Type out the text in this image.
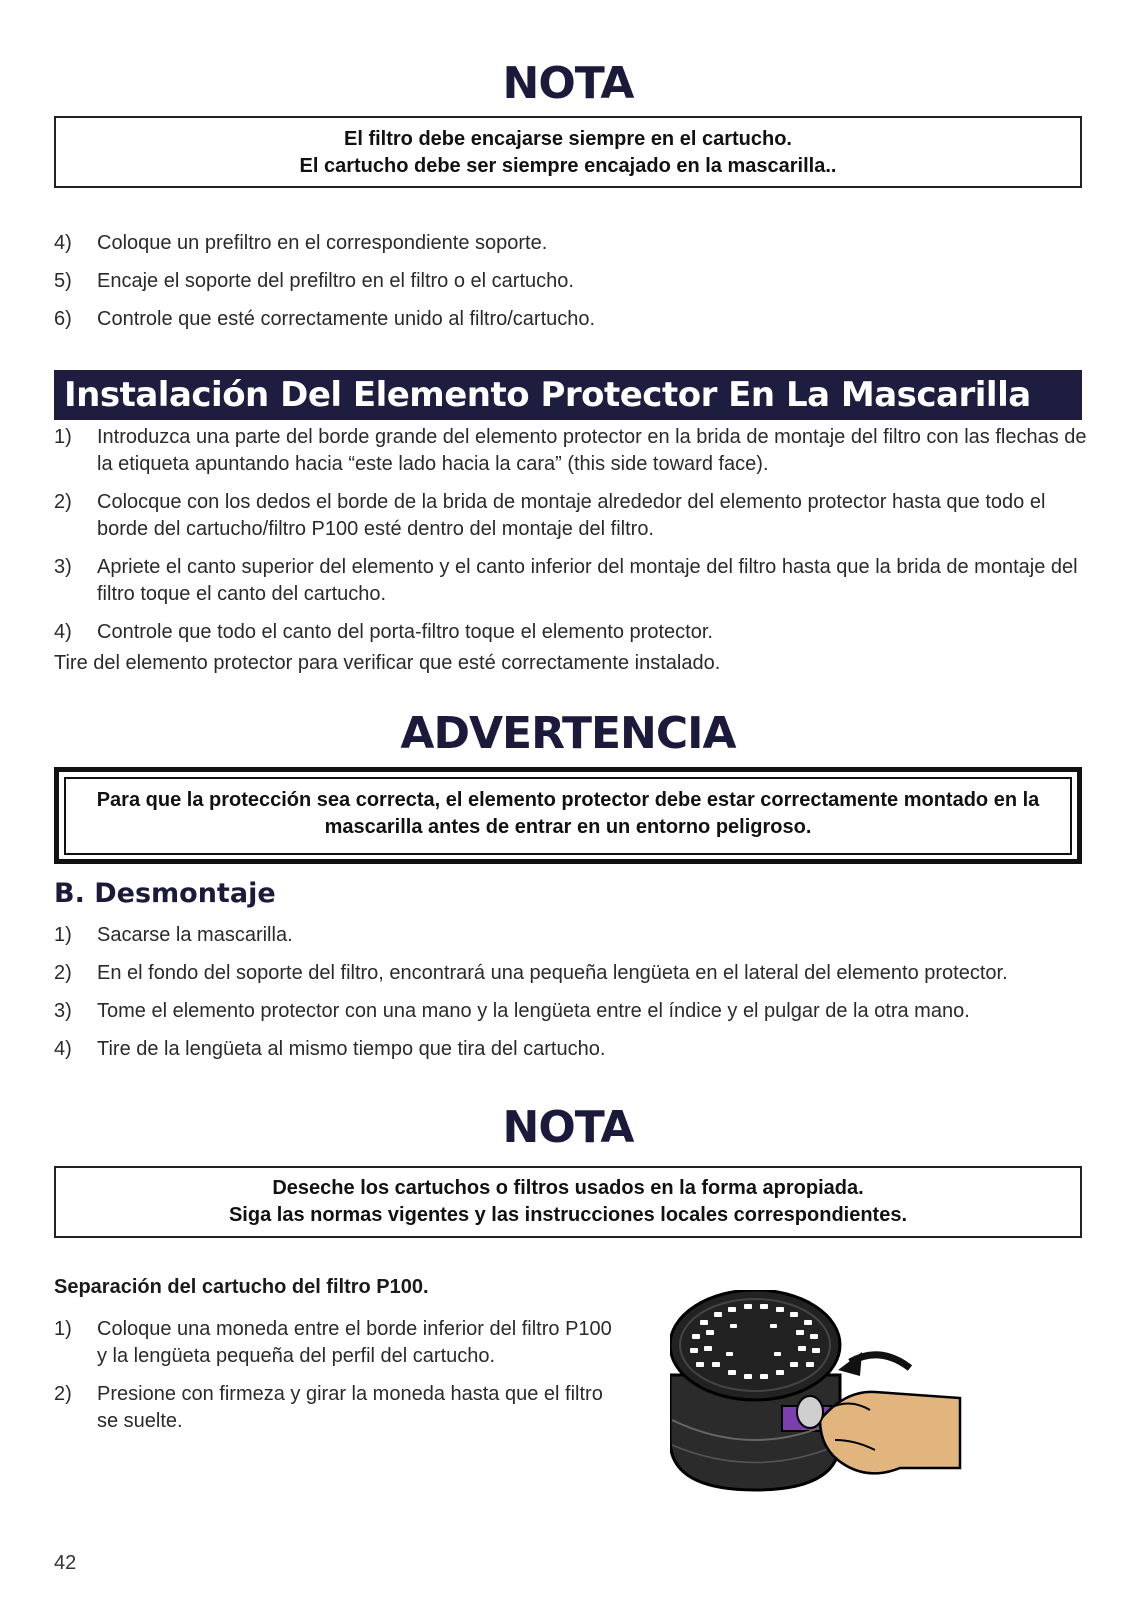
NOTA
El filtro debe encajarse siempre en el cartucho.
El cartucho debe ser siempre encajado en la mascarilla..
4) Coloque un prefiltro en el correspondiente soporte.
5) Encaje el soporte del prefiltro en el filtro o el cartucho.
6) Controle que esté correctamente unido al filtro/cartucho.
Instalación Del Elemento Protector En La Mascarilla
1) Introduzca una parte del borde grande del elemento protector en la brida de montaje del filtro con las flechas de la etiqueta apuntando hacia “este lado hacia la cara” (this side toward face).
2) Colocque con los dedos el borde de la brida de montaje alrededor del elemento protector hasta que todo el borde del cartucho/filtro P100 esté dentro del montaje del filtro.
3) Apriete el canto superior del elemento y el canto inferior del montaje del filtro hasta que la brida de montaje del filtro toque el canto del cartucho.
4) Controle que todo el canto del porta-filtro toque el elemento protector.

Tire del elemento protector para verificar que esté correctamente instalado.

ADVERTENCIA
Para que la protección sea correcta, el elemento protector debe estar correctamente montado en la mascarilla antes de entrar en un entorno peligroso.
B. Desmontaje
1) Sacarse la mascarilla.
2) En el fondo del soporte del filtro, encontrará una pequeña lengüeta en el lateral del elemento protector.
3) Tome el elemento protector con una mano y la lengüeta entre el índice y el pulgar de la otra mano.
4) Tire de la lengüeta al mismo tiempo que tira del cartucho.
NOTA
Deseche los cartuchos o filtros usados en la forma apropiada.
Siga las normas vigentes y las instrucciones locales correspondientes.
Separación del cartucho del filtro P100.
1) Coloque una moneda entre el borde inferior del filtro P100 y la lengüeta pequeña del perfil del cartucho.
2) Presione con firmeza y girar la moneda hasta que el filtro se suelte.
42
